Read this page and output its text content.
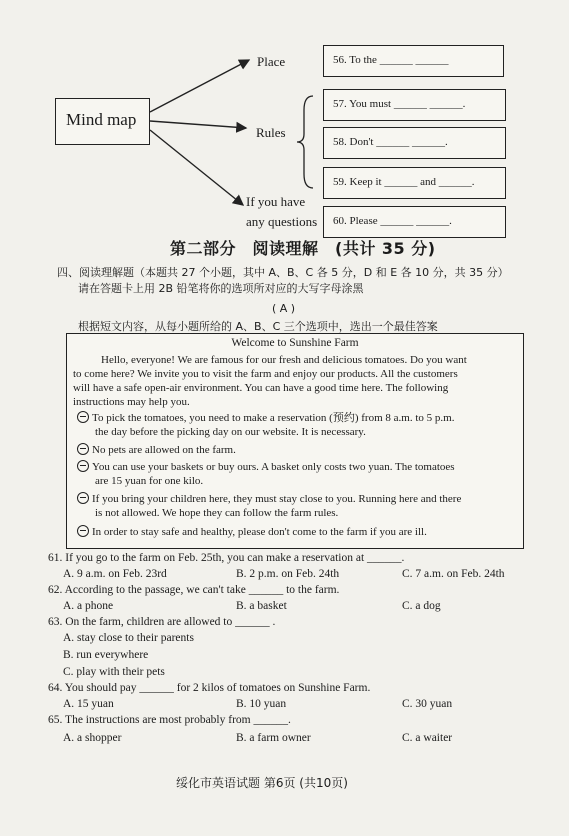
Mind map
Place
Rules
If you have
any questions
56. To the ______ ______
57. You must ______ ______.
58. Don't ______ ______.
59. Keep it ______ and ______.
60. Please ______ ______.
第二部分　阅读理解　(共计 35 分)
四、阅读理解题（本题共 27 个小题，其中 A、B、C 各 5 分，D 和 E 各 10 分，共 35 分）
请在答题卡上用 2B 铅笔将你的选项所对应的大写字母涂黑
( A )
根据短文内容，从每小题所给的 A、B、C 三个选项中，选出一个最佳答案
Welcome to Sunshine Farm
Hello, everyone! We are famous for our fresh and delicious tomatoes. Do you want
to come here? We invite you to visit the farm and enjoy our products. All the customers
will have a safe open-air environment. You can have a good time here. The following
instructions may help you.
To pick the tomatoes, you need to make a reservation (预约) from 8 a.m. to 5 p.m.
the day before the picking day on our website. It is necessary.
No pets are allowed on the farm.
You can use your baskets or buy ours. A basket only costs two yuan. The tomatoes
are 15 yuan for one kilo.
If you bring your children here, they must stay close to you. Running here and there
is not allowed. We hope they can follow the farm rules.
In order to stay safe and healthy, please don't come to the farm if you are ill.
61. If you go to the farm on Feb. 25th, you can make a reservation at ______.
A. 9 a.m. on Feb. 23rd	B. 2 p.m. on Feb. 24th	C. 7 a.m. on Feb. 24th
62. According to the passage, we can't take ______ to the farm.
A. a phone	B. a basket	C. a dog
63. On the farm, children are allowed to ______ .
A. stay close to their parents
B. run everywhere
C. play with their pets
64. You should pay ______ for 2 kilos of tomatoes on Sunshine Farm.
A. 15 yuan	B. 10 yuan	C. 30 yuan
65. The instructions are most probably from ______.
A. a shopper	B. a farm owner	C. a waiter
绥化市英语试题 第6页 (共10页)
